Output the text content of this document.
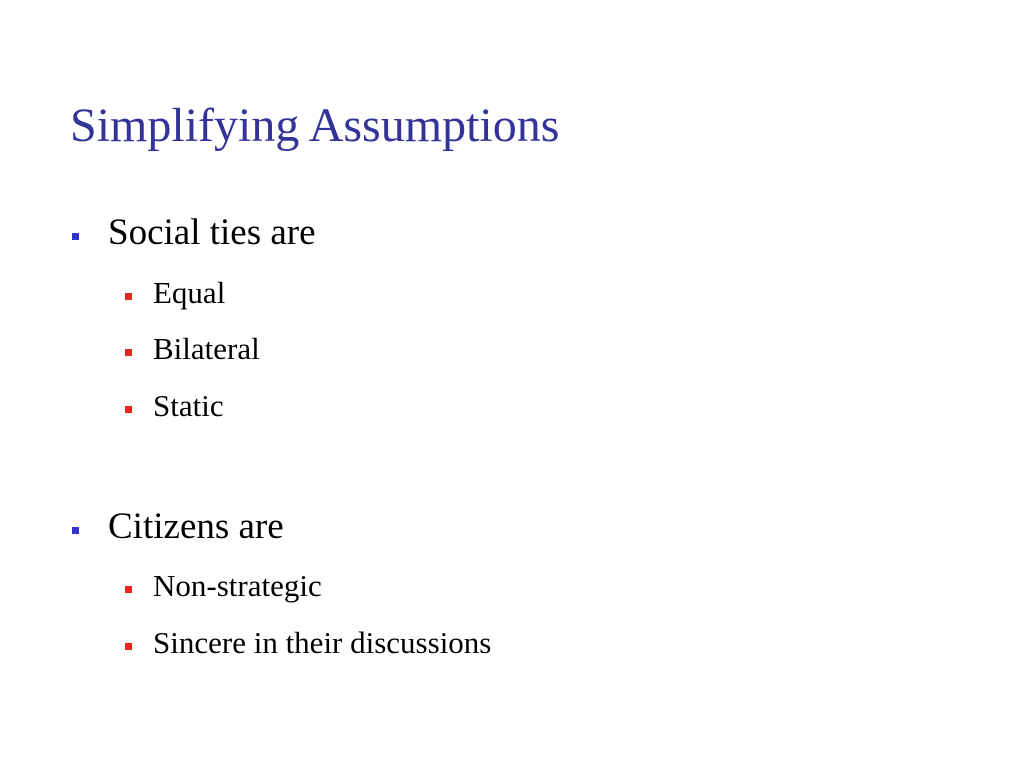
Simplifying Assumptions
Social ties are
Equal
Bilateral
Static
Citizens are
Non-strategic
Sincere in their discussions
